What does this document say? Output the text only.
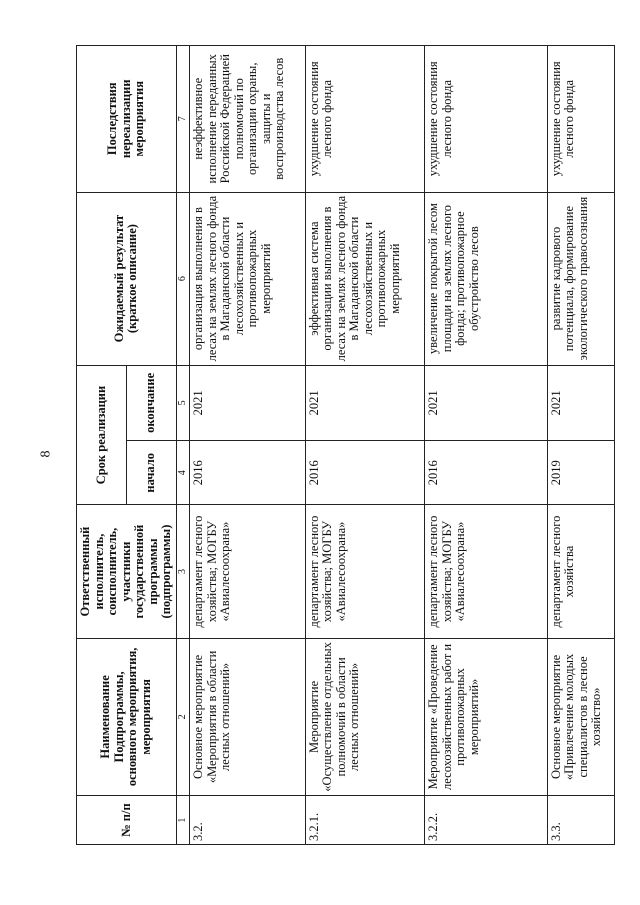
8
№ п/п	Наименование Подпрограммы, основного мероприятия, мероприятия	Ответственный исполнитель, соисполнитель, участники государственной программы (подпрограммы)	Срок реализации		Ожидаемый результат (краткое описание)	Последствия нереализации мероприятия
			начало	окончание		
1	2	3	4	5	6	7
3.2.	Основное мероприятие «Мероприятия в области лесных отношений»	департамент лесного хозяйства; МОГБУ «Авиалесоохрана»	2016	2021	организация выполнения в лесах на землях лесного фонда в Магаданской области лесохозяйственных и противопожарных мероприятий	неэффективное исполнение переданных Российской Федерацией полномочий по организации охраны, защиты и воспроизводства лесов
3.2.1.	Мероприятие «Осуществление отдельных полномочий в области лесных отношений»	департамент лесного хозяйства; МОГБУ «Авиалесоохрана»	2016	2021	эффективная система организации выполнения в лесах на землях лесного фонда в Магаданской области лесохозяйственных и противопожарных мероприятий	ухудшение состояния лесного фонда
3.2.2.	Мероприятие «Проведение лесохозяйственных работ и противопожарных мероприятий»	департамент лесного хозяйства; МОГБУ «Авиалесоохрана»	2016	2021	увеличение покрытой лесом площади на землях лесного фонда; противопожарное обустройство лесов	ухудшение состояния лесного фонда
3.3.	Основное мероприятие «Привлечение молодых специалистов в лесное хозяйство»	департамент лесного хозяйства	2019	2021	развитие кадрового потенциала, формирование экологического правосознания	ухудшение состояния лесного фонда
